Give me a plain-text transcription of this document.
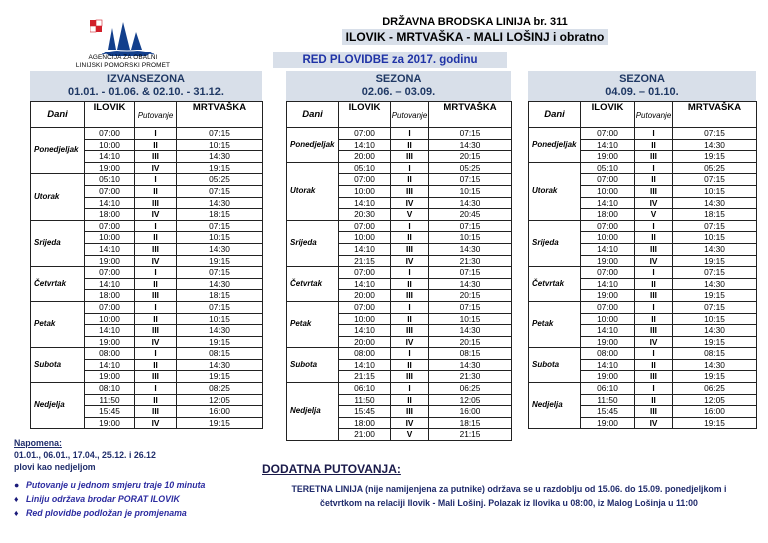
AGENCIJA ZA OBALNI
LINIJSKI POMORSKI PROMET
DRŽAVNA BRODSKA LINIJA br. 311
ILOVIK - MRTVAŠKA - MALI LOŠINJ i obratno
RED PLOVIDBE za 2017. godinu
IZVANSEZONA
01.01. - 01.06. & 02.10. - 31.12.
SEZONA
02.06. – 03.09.
SEZONA
04.09. – 01.10.
Dani	ILOVIK	Putovanje	MRTVAŠKA
Ponedjeljak	07:00	I	07:15
	10:00	II	10:15
	14:10	III	14:30
	19:00	IV	19:15
Utorak	05:10	I	05:25
	07:00	II	07:15
	14:10	III	14:30
	18:00	IV	18:15
Srijeda	07:00	I	07:15
	10:00	II	10:15
	14:10	III	14:30
	19:00	IV	19:15
Četvrtak	07:00	I	07:15
	14:10	II	14:30
	18:00	III	18:15
Petak	07:00	I	07:15
	10:00	II	10:15
	14:10	III	14:30
	19:00	IV	19:15
Subota	08:00	I	08:15
	14:10	II	14:30
	19:00	III	19:15
Nedjelja	08:10	I	08:25
	11:50	II	12:05
	15:45	III	16:00
	19:00	IV	19:15
Dani	ILOVIK	Putovanje	MRTVAŠKA
Ponedjeljak	07:00	I	07:15
	14:10	II	14:30
	20:00	III	20:15
Utorak	05:10	I	05:25
	07:00	II	07:15
	10:00	III	10:15
	14:10	IV	14:30
	20:30	V	20:45
Srijeda	07:00	I	07:15
	10:00	II	10:15
	14:10	III	14:30
	21:15	IV	21:30
Četvrtak	07:00	I	07:15
	14:10	II	14:30
	20:00	III	20:15
Petak	07:00	I	07:15
	10:00	II	10:15
	14:10	III	14:30
	20:00	IV	20:15
Subota	08:00	I	08:15
	14:10	II	14:30
	21:15	III	21:30
Nedjelja	06:10	I	06:25
	11:50	II	12:05
	15:45	III	16:00
	18:00	IV	18:15
	21:00	V	21:15
Dani	ILOVIK	Putovanje	MRTVAŠKA
Ponedjeljak	07:00	I	07:15
	14:10	II	14:30
	19:00	III	19:15
Utorak	05:10	I	05:25
	07:00	II	07:15
	10:00	III	10:15
	14:10	IV	14:30
	18:00	V	18:15
Srijeda	07:00	I	07:15
	10:00	II	10:15
	14:10	III	14:30
	19:00	IV	19:15
Četvrtak	07:00	I	07:15
	14:10	II	14:30
	19:00	III	19:15
Petak	07:00	I	07:15
	10:00	II	10:15
	14:10	III	14:30
	19:00	IV	19:15
Subota	08:00	I	08:15
	14:10	II	14:30
	19:00	III	19:15
Nedjelja	06:10	I	06:25
	11:50	II	12:05
	15:45	III	16:00
	19:00	IV	19:15
Napomena:
01.01., 06.01., 17.04., 25.12. i 26.12
plovi kao nedjeljom
● Putovanje u jednom smjeru traje 10 minuta
♦ Liniju održava brodar PORAT ILOVIK
♦ Red plovidbe podložan je promjenama
DODATNA PUTOVANJA:
TERETNA LINIJA (nije namijenjena za putnike) održava se u razdoblju od 15.06. do 15.09. ponedjeljkom i
četvrtkom na relaciji Ilovik - Mali Lošinj. Polazak iz Ilovika u 08:00, iz Malog Lošinja u 11:00
